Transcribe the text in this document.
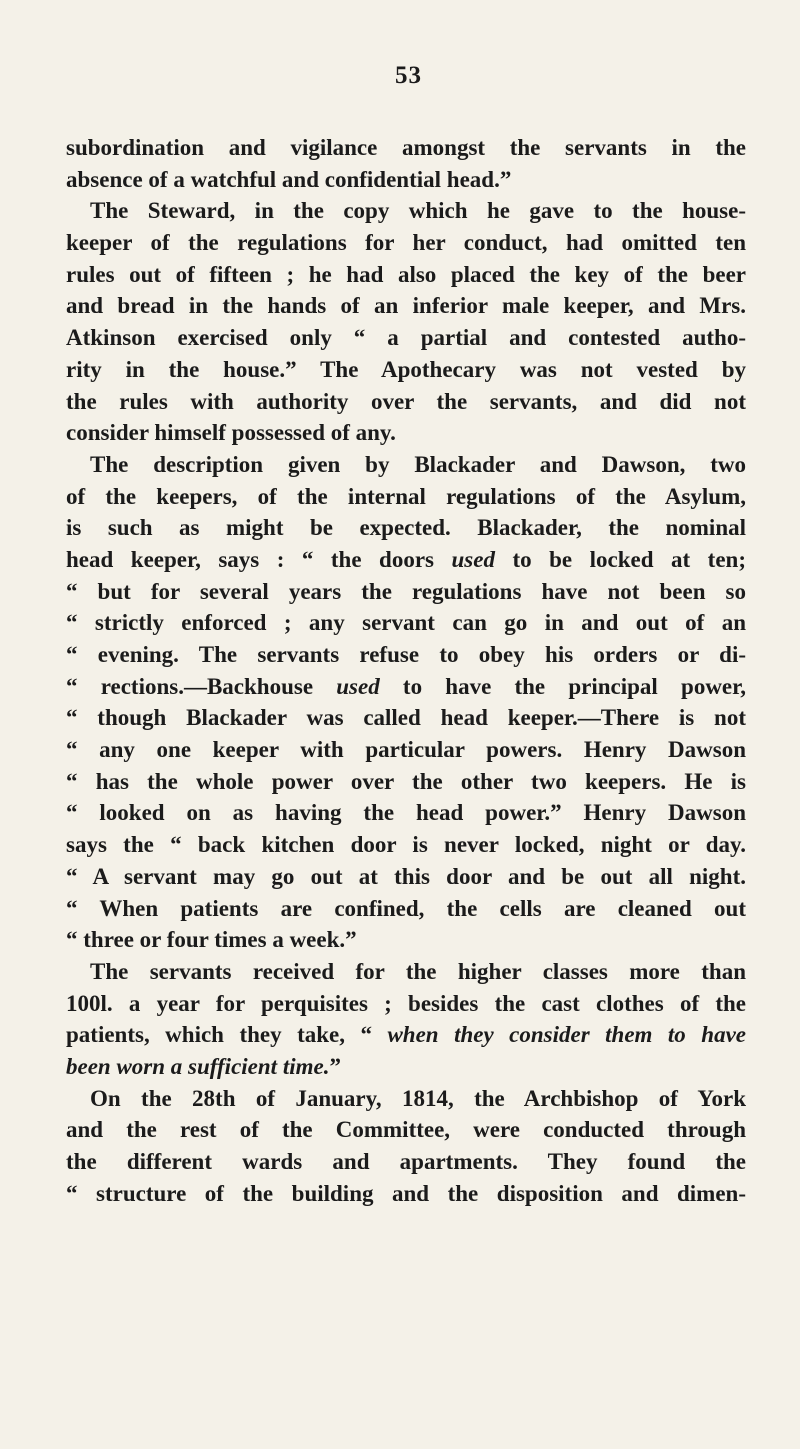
53
subordination and vigilance amongst the servants in the
absence of a watchful and confidential head.”
The Steward, in the copy which he gave to the house-
keeper of the regulations for her conduct, had omitted ten
rules out of fifteen ; he had also placed the key of the beer
and bread in the hands of an inferior male keeper, and Mrs.
Atkinson exercised only “ a partial and contested autho-
rity in the house.” The Apothecary was not vested by
the rules with authority over the servants, and did not
consider himself possessed of any.
The description given by Blackader and Dawson, two
of the keepers, of the internal regulations of the Asylum,
is such as might be expected. Blackader, the nominal
head keeper, says : “ the doors used to be locked at ten;
“ but for several years the regulations have not been so
“ strictly enforced ; any servant can go in and out of an
“ evening. The servants refuse to obey his orders or di-
“ rections.—Backhouse used to have the principal power,
“ though Blackader was called head keeper.—There is not
“ any one keeper with particular powers. Henry Dawson
“ has the whole power over the other two keepers. He is
“ looked on as having the head power.” Henry Dawson
says the “ back kitchen door is never locked, night or day.
“ A servant may go out at this door and be out all night.
“ When patients are confined, the cells are cleaned out
“ three or four times a week.”
The servants received for the higher classes more than
100l. a year for perquisites ; besides the cast clothes of the
patients, which they take, “ when they consider them to have
been worn a sufficient time.”
On the 28th of January, 1814, the Archbishop of York
and the rest of the Committee, were conducted through
the different wards and apartments. They found the
“ structure of the building and the disposition and dimen-
